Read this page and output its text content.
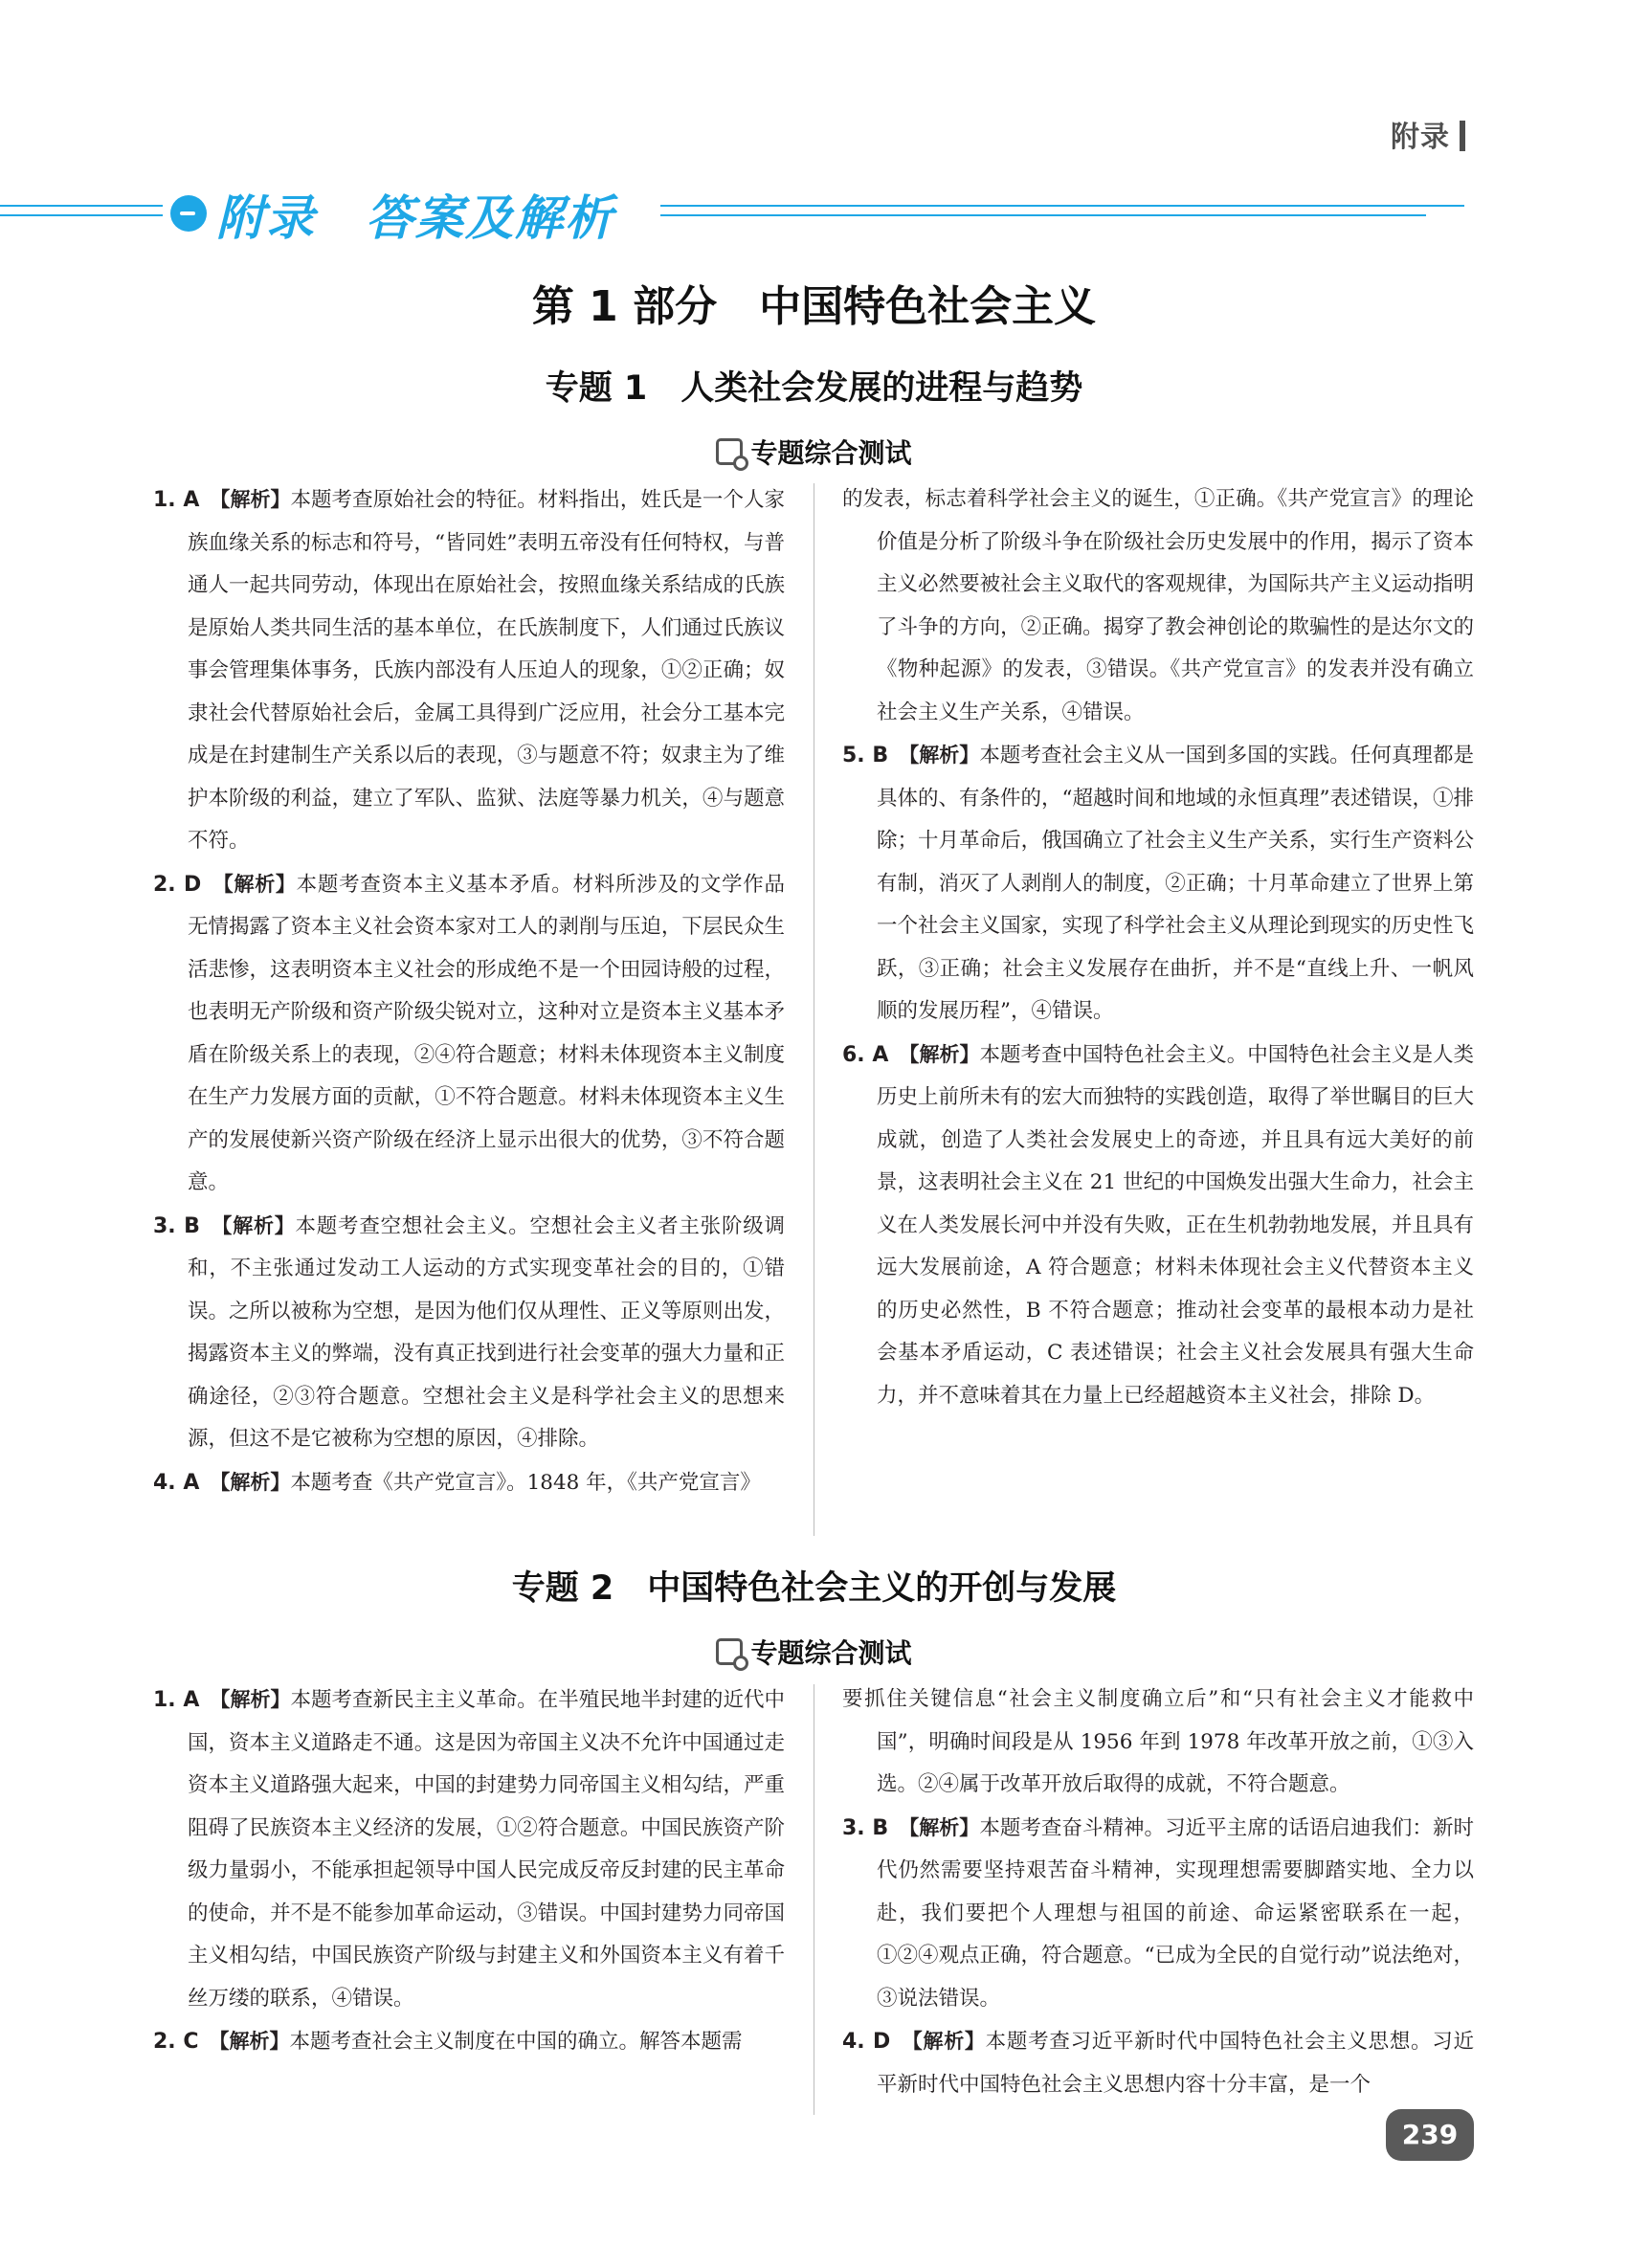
附录
附录　答案及解析
第 1 部分　中国特色社会主义
专题 1　人类社会发展的进程与趋势
专题综合测试

1. A　 【解析】本题考查原始社会的特征。材料指出，姓氏是一个人家族血缘关系的标志和符号，“皆同姓”表明五帝没有任何特权，与普通人一起共同劳动，体现出在原始社会，按照血缘关系结成的氏族是原始人类共同生活的基本单位，在氏族制度下，人们通过氏族议事会管理集体事务，氏族内部没有人压迫人的现象，①②正确；奴隶社会代替原始社会后，金属工具得到广泛应用，社会分工基本完成是在封建制生产关系以后的表现，③与题意不符；奴隶主为了维护本阶级的利益，建立了军队、监狱、法庭等暴力机关，④与题意不符。

2. D　 【解析】本题考查资本主义基本矛盾。材料所涉及的文学作品无情揭露了资本主义社会资本家对工人的剥削与压迫，下层民众生活悲惨，这表明资本主义社会的形成绝不是一个田园诗般的过程，也表明无产阶级和资产阶级尖锐对立，这种对立是资本主义基本矛盾在阶级关系上的表现，②④符合题意；材料未体现资本主义制度在生产力发展方面的贡献，①不符合题意。材料未体现资本主义生产的发展使新兴资产阶级在经济上显示出很大的优势，③不符合题意。

3. B　 【解析】本题考查空想社会主义。空想社会主义者主张阶级调和，不主张通过发动工人运动的方式实现变革社会的目的，①错误。之所以被称为空想，是因为他们仅从理性、正义等原则出发，揭露资本主义的弊端，没有真正找到进行社会变革的强大力量和正确途径，②③符合题意。空想社会主义是科学社会主义的思想来源，但这不是它被称为空想的原因，④排除。

4. A　 【解析】本题考查《共产党宣言》。1848 年，《共产党宣言》

的发表，标志着科学社会主义的诞生，①正确。《共产党宣言》的理论价值是分析了阶级斗争在阶级社会历史发展中的作用，揭示了资本主义必然要被社会主义取代的客观规律，为国际共产主义运动指明了斗争的方向，②正确。揭穿了教会神创论的欺骗性的是达尔文的《物种起源》的发表，③错误。《共产党宣言》的发表并没有确立社会主义生产关系，④错误。

5. B　 【解析】本题考查社会主义从一国到多国的实践。任何真理都是具体的、有条件的，“超越时间和地域的永恒真理”表述错误，①排除；十月革命后，俄国确立了社会主义生产关系，实行生产资料公有制，消灭了人剥削人的制度，②正确；十月革命建立了世界上第一个社会主义国家，实现了科学社会主义从理论到现实的历史性飞跃，③正确；社会主义发展存在曲折，并不是“直线上升、一帆风顺的发展历程”，④错误。

6. A　 【解析】本题考查中国特色社会主义。中国特色社会主义是人类历史上前所未有的宏大而独特的实践创造，取得了举世瞩目的巨大成就，创造了人类社会发展史上的奇迹，并且具有远大美好的前景，这表明社会主义在 21 世纪的中国焕发出强大生命力，社会主义在人类发展长河中并没有失败，正在生机勃勃地发展，并且具有远大发展前途，A 符合题意；材料未体现社会主义代替资本主义的历史必然性，B 不符合题意；推动社会变革的最根本动力是社会基本矛盾运动，C 表述错误；社会主义社会发展具有强大生命力，并不意味着其在力量上已经超越资本主义社会，排除 D。

专题 2　中国特色社会主义的开创与发展
专题综合测试

1. A　 【解析】本题考查新民主主义革命。在半殖民地半封建的近代中国，资本主义道路走不通。这是因为帝国主义决不允许中国通过走资本主义道路强大起来，中国的封建势力同帝国主义相勾结，严重阻碍了民族资本主义经济的发展，①②符合题意。中国民族资产阶级力量弱小，不能承担起领导中国人民完成反帝反封建的民主革命的使命，并不是不能参加革命运动，③错误。中国封建势力同帝国主义相勾结，中国民族资产阶级与封建主义和外国资本主义有着千丝万缕的联系，④错误。

2. C　 【解析】本题考查社会主义制度在中国的确立。解答本题需

要抓住关键信息“社会主义制度确立后”和“只有社会主义才能救中国”，明确时间段是从 1956 年到 1978 年改革开放之前，①③入选。②④属于改革开放后取得的成就，不符合题意。

3. B　 【解析】本题考查奋斗精神。习近平主席的话语启迪我们：新时代仍然需要坚持艰苦奋斗精神，实现理想需要脚踏实地、全力以赴，我们要把个人理想与祖国的前途、命运紧密联系在一起，①②④观点正确，符合题意。“已成为全民的自觉行动”说法绝对，③说法错误。

4. D　 【解析】本题考查习近平新时代中国特色社会主义思想。习近平新时代中国特色社会主义思想内容十分丰富，是一个

239
